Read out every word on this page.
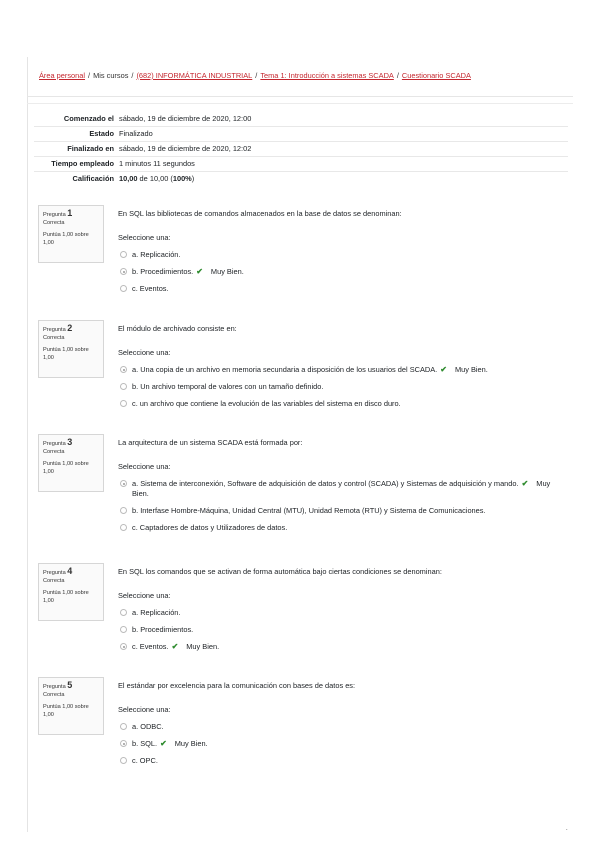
Área personal / Mis cursos / (682) INFORMÁTICA INDUSTRIAL / Tema 1: Introducción a sistemas SCADA / Cuestionario SCADA
Comenzado el sábado, 19 de diciembre de 2020, 12:00
Estado Finalizado
Finalizado en sábado, 19 de diciembre de 2020, 12:02
Tiempo empleado 1 minutos 11 segundos
Calificación 10,00 de 10,00 (100%)
Pregunta 1
Correcta
Puntúa 1,00 sobre 1,00
En SQL las bibliotecas de comandos almacenados en la base de datos se denominan:
Seleccione una:
a. Replicación.
b. Procedimientos. ✔ Muy Bien.
c. Eventos.
Pregunta 2
Correcta
Puntúa 1,00 sobre 1,00
El módulo de archivado consiste en:
Seleccione una:
a. Una copia de un archivo en memoria secundaria a disposición de los usuarios del SCADA. ✔ Muy Bien.
b. Un archivo temporal de valores con un tamaño definido.
c. un archivo que contiene la evolución de las variables del sistema en disco duro.
Pregunta 3
Correcta
Puntúa 1,00 sobre 1,00
La arquitectura de un sistema SCADA está formada por:
Seleccione una:
a. Sistema de interconexión, Software de adquisición de datos y control (SCADA) y Sistemas de adquisición y mando. ✔ Muy Bien.
b. Interfase Hombre-Máquina, Unidad Central (MTU), Unidad Remota (RTU) y Sistema de Comunicaciones.
c. Captadores de datos y Utilizadores de datos.
Pregunta 4
Correcta
Puntúa 1,00 sobre 1,00
En SQL los comandos que se activan de forma automática bajo ciertas condiciones se denominan:
Seleccione una:
a. Replicación.
b. Procedimientos.
c. Eventos. ✔ Muy Bien.
Pregunta 5
Correcta
Puntúa 1,00 sobre 1,00
El estándar por excelencia para la comunicación con bases de datos es:
Seleccione una:
a. ODBC.
b. SQL. ✔ Muy Bien.
c. OPC.
.
